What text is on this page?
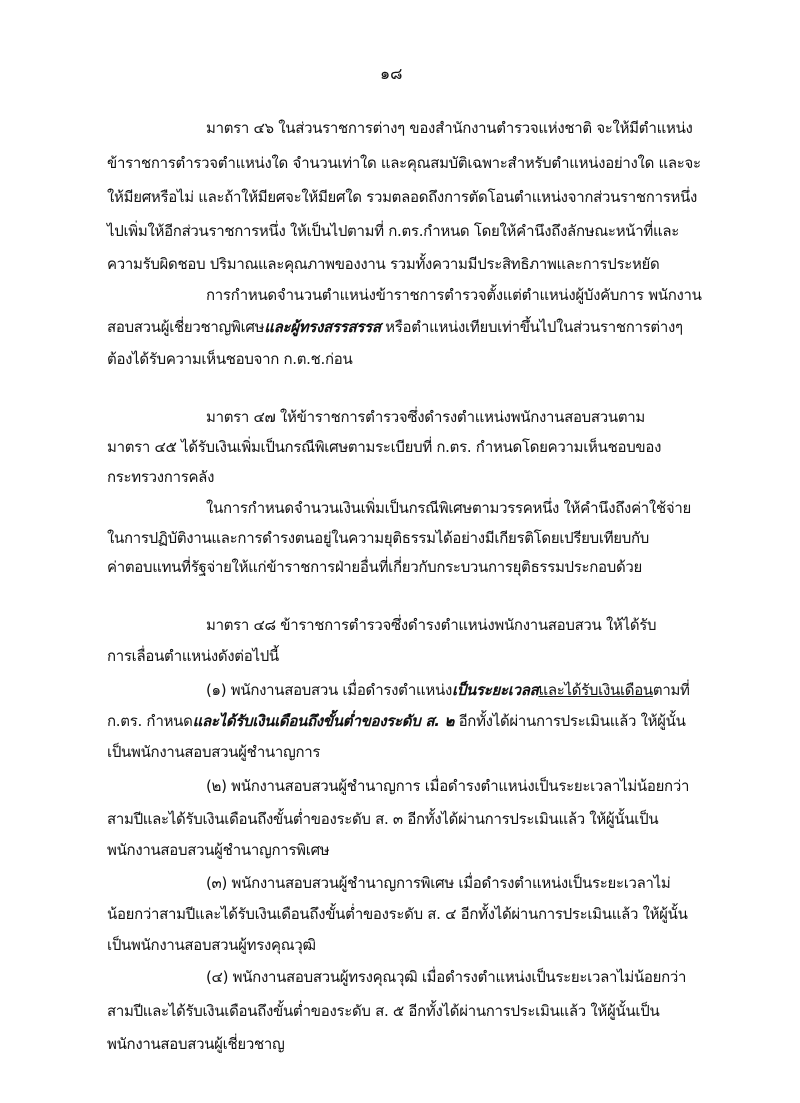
๑๘
มาตรา ๔๖ ในส่วนราชการต่างๆ ของสำนักงานตำรวจแห่งชาติ จะให้มีตำแหน่ง
ข้าราชการตำรวจตำแหน่งใด จำนวนเท่าใด และคุณสมบัติเฉพาะสำหรับตำแหน่งอย่างใด และจะ
ให้มียศหรือไม่ และถ้าให้มียศจะให้มียศใด รวมตลอดถึงการตัดโอนตำแหน่งจากส่วนราชการหนึ่ง
ไปเพิ่มให้อีกส่วนราชการหนึ่ง ให้เป็นไปตามที่ ก.ตร.กำหนด โดยให้คำนึงถึงลักษณะหน้าที่และ
ความรับผิดชอบ ปริมาณและคุณภาพของงาน รวมทั้งความมีประสิทธิภาพและการประหยัด
การกำหนดจำนวนตำแหน่งข้าราชการตำรวจตั้งแต่ตำแหน่งผู้บังคับการ พนักงาน
สอบสวนผู้เชี่ยวชาญพิเศษและผู้ทรงสรรสรรส หรือตำแหน่งเทียบเท่าขึ้นไปในส่วนราชการต่างๆ
ต้องได้รับความเห็นชอบจาก ก.ต.ช.ก่อน
มาตรา ๔๗ ให้ข้าราชการตำรวจซึ่งดำรงตำแหน่งพนักงานสอบสวนตาม
มาตรา ๔๕ ได้รับเงินเพิ่มเป็นกรณีพิเศษตามระเบียบที่ ก.ตร. กำหนดโดยความเห็นชอบของ
กระทรวงการคลัง
ในการกำหนดจำนวนเงินเพิ่มเป็นกรณีพิเศษตามวรรคหนึ่ง ให้คำนึงถึงค่าใช้จ่าย
ในการปฏิบัติงานและการดำรงตนอยู่ในความยุติธรรมได้อย่างมีเกียรติโดยเปรียบเทียบกับ
ค่าตอบแทนที่รัฐจ่ายให้แก่ข้าราชการฝ่ายอื่นที่เกี่ยวกับกระบวนการยุติธรรมประกอบด้วย
มาตรา ๔๘ ข้าราชการตำรวจซึ่งดำรงตำแหน่งพนักงานสอบสวน ให้ได้รับ
การเลื่อนตำแหน่งดังต่อไปนี้
(๑) พนักงานสอบสวน เมื่อดำรงตำแหน่งเป็นระยะเวลสและได้รับเงินเดือนตามที่
ก.ตร. กำหนดและได้รับเงินเดือนถึงขั้นต่ำของระดับ ส. ๒ อีกทั้งได้ผ่านการประเมินแล้ว ให้ผู้นั้น
เป็นพนักงานสอบสวนผู้ชำนาญการ
(๒) พนักงานสอบสวนผู้ชำนาญการ เมื่อดำรงตำแหน่งเป็นระยะเวลาไม่น้อยกว่า
สามปีและได้รับเงินเดือนถึงขั้นต่ำของระดับ ส. ๓ อีกทั้งได้ผ่านการประเมินแล้ว ให้ผู้นั้นเป็น
พนักงานสอบสวนผู้ชำนาญการพิเศษ
(๓) พนักงานสอบสวนผู้ชำนาญการพิเศษ เมื่อดำรงตำแหน่งเป็นระยะเวลาไม่
น้อยกว่าสามปีและได้รับเงินเดือนถึงขั้นต่ำของระดับ ส. ๔ อีกทั้งได้ผ่านการประเมินแล้ว ให้ผู้นั้น
เป็นพนักงานสอบสวนผู้ทรงคุณวุฒิ
(๔) พนักงานสอบสวนผู้ทรงคุณวุฒิ เมื่อดำรงตำแหน่งเป็นระยะเวลาไม่น้อยกว่า
สามปีและได้รับเงินเดือนถึงขั้นต่ำของระดับ ส. ๕ อีกทั้งได้ผ่านการประเมินแล้ว ให้ผู้นั้นเป็น
พนักงานสอบสวนผู้เชี่ยวชาญ
